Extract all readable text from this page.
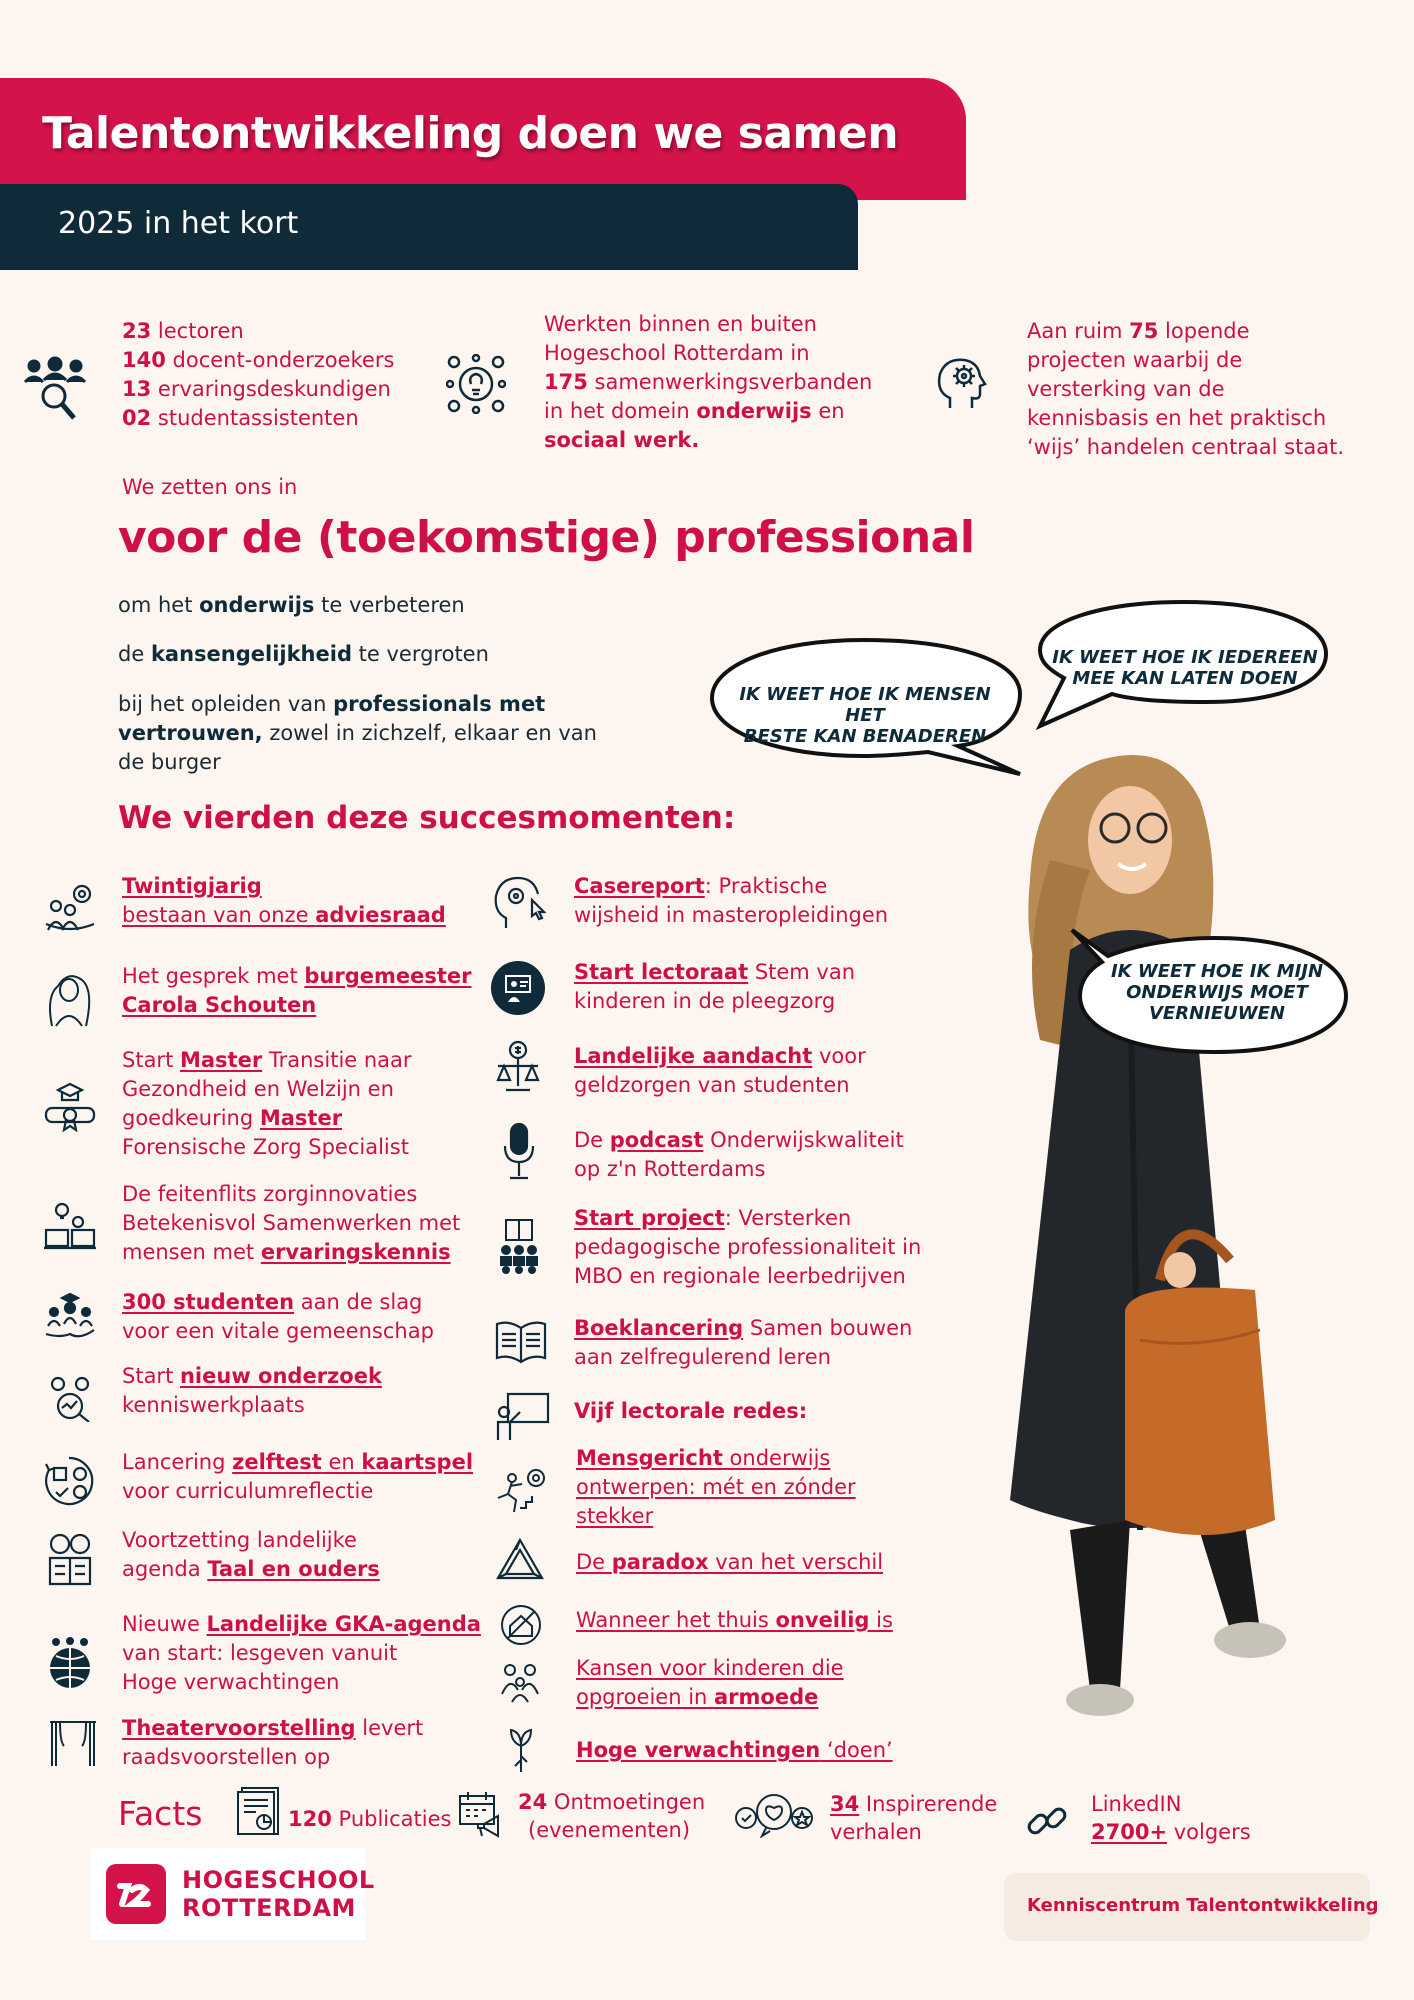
Talentontwikkeling doen we samen
2025 in het kort
23 lectoren
140 docent-onderzoekers
13 ervaringsdeskundigen
02 studentassistenten
Werkten binnen en buiten
Hogeschool Rotterdam in
175 samenwerkingsverbanden
in het domein onderwijs en
sociaal werk.
Aan ruim 75 lopende
projecten waarbij de
versterking van de
kennisbasis en het praktisch
‘wijs’ handelen centraal staat.
We zetten ons in
voor de (toekomstige) professional
om het onderwijs te verbeteren
de kansengelijkheid te vergroten
bij het opleiden van professionals met
vertrouwen, zowel in zichzelf, elkaar en van
de burger
IK WEET HOE IK MENSEN HET
BESTE KAN BENADEREN
IK WEET HOE IK IEDEREEN
MEE KAN LATEN DOEN
IK WEET HOE IK MIJN
ONDERWIJS MOET
VERNIEUWEN
We vierden deze succesmomenten:
Twintigjarig
bestaan van onze adviesraad
Het gesprek met burgemeester
Carola Schouten
Start Master Transitie naar
Gezondheid en Welzijn en
goedkeuring Master
Forensische Zorg Specialist
De feitenflits zorginnovaties
Betekenisvol Samenwerken met
mensen met ervaringskennis
300 studenten aan de slag
voor een vitale gemeenschap
Start nieuw onderzoek
kenniswerkplaats
Lancering zelftest en kaartspel
voor curriculumreflectie
Voortzetting landelijke
agenda Taal en ouders
Nieuwe Landelijke GKA-agenda
van start: lesgeven vanuit
Hoge verwachtingen
Theatervoorstelling levert
raadsvoorstellen op
Casereport: Praktische
wijsheid in masteropleidingen
Start lectoraat Stem van
kinderen in de pleegzorg
Landelijke aandacht voor
geldzorgen van studenten
De podcast Onderwijskwaliteit
op z'n Rotterdams
Start project: Versterken
pedagogische professionaliteit in
MBO en regionale leerbedrijven
Boeklancering Samen bouwen
aan zelfregulerend leren
Vijf lectorale redes:
Mensgericht onderwijs
ontwerpen: mét en zónder
stekker
De paradox van het verschil
Wanneer het thuis onveilig is
Kansen voor kinderen die
opgroeien in armoede
Hoge verwachtingen ‘doen’
Facts	120 Publicaties
24 Ontmoetingen
(evenementen)
34 Inspirerende
verhalen
LinkedIN
2700+ volgers
HOGESCHOOL
ROTTERDAM	Kenniscentrum Talentontwikkeling
